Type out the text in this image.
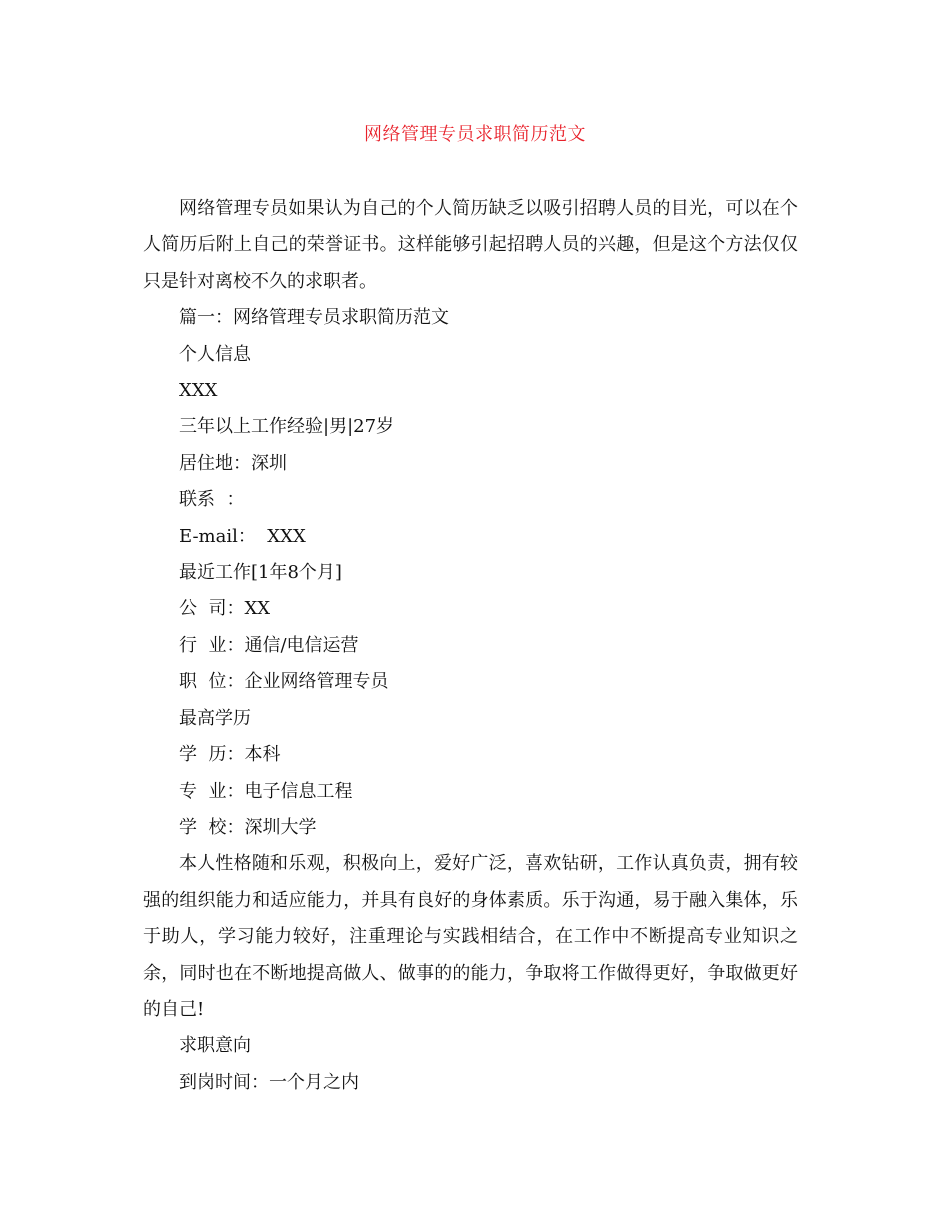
网络管理专员求职简历范文

网络管理专员如果认为自己的个人简历缺乏以吸引招聘人员的目光，可以在个人简历后附上自己的荣誉证书。这样能够引起招聘人员的兴趣，但是这个方法仅仅只是针对离校不久的求职者。

篇一：网络管理专员求职简历范文

个人信息

XXX

三年以上工作经验|男|27岁

居住地：深圳

联系  ：

E-mail：  XXX

最近工作[1年8个月]

公  司：XX

行  业：通信/电信运营

职  位：企业网络管理专员

最高学历

学  历：本科

专  业：电子信息工程

学  校：深圳大学

本人性格随和乐观，积极向上，爱好广泛，喜欢钻研，工作认真负责，拥有较强的组织能力和适应能力，并具有良好的身体素质。乐于沟通，易于融入集体，乐于助人，学习能力较好，注重理论与实践相结合，在工作中不断提高专业知识之余，同时也在不断地提高做人、做事的的能力，争取将工作做得更好，争取做更好的自己!

求职意向

到岗时间：一个月之内
